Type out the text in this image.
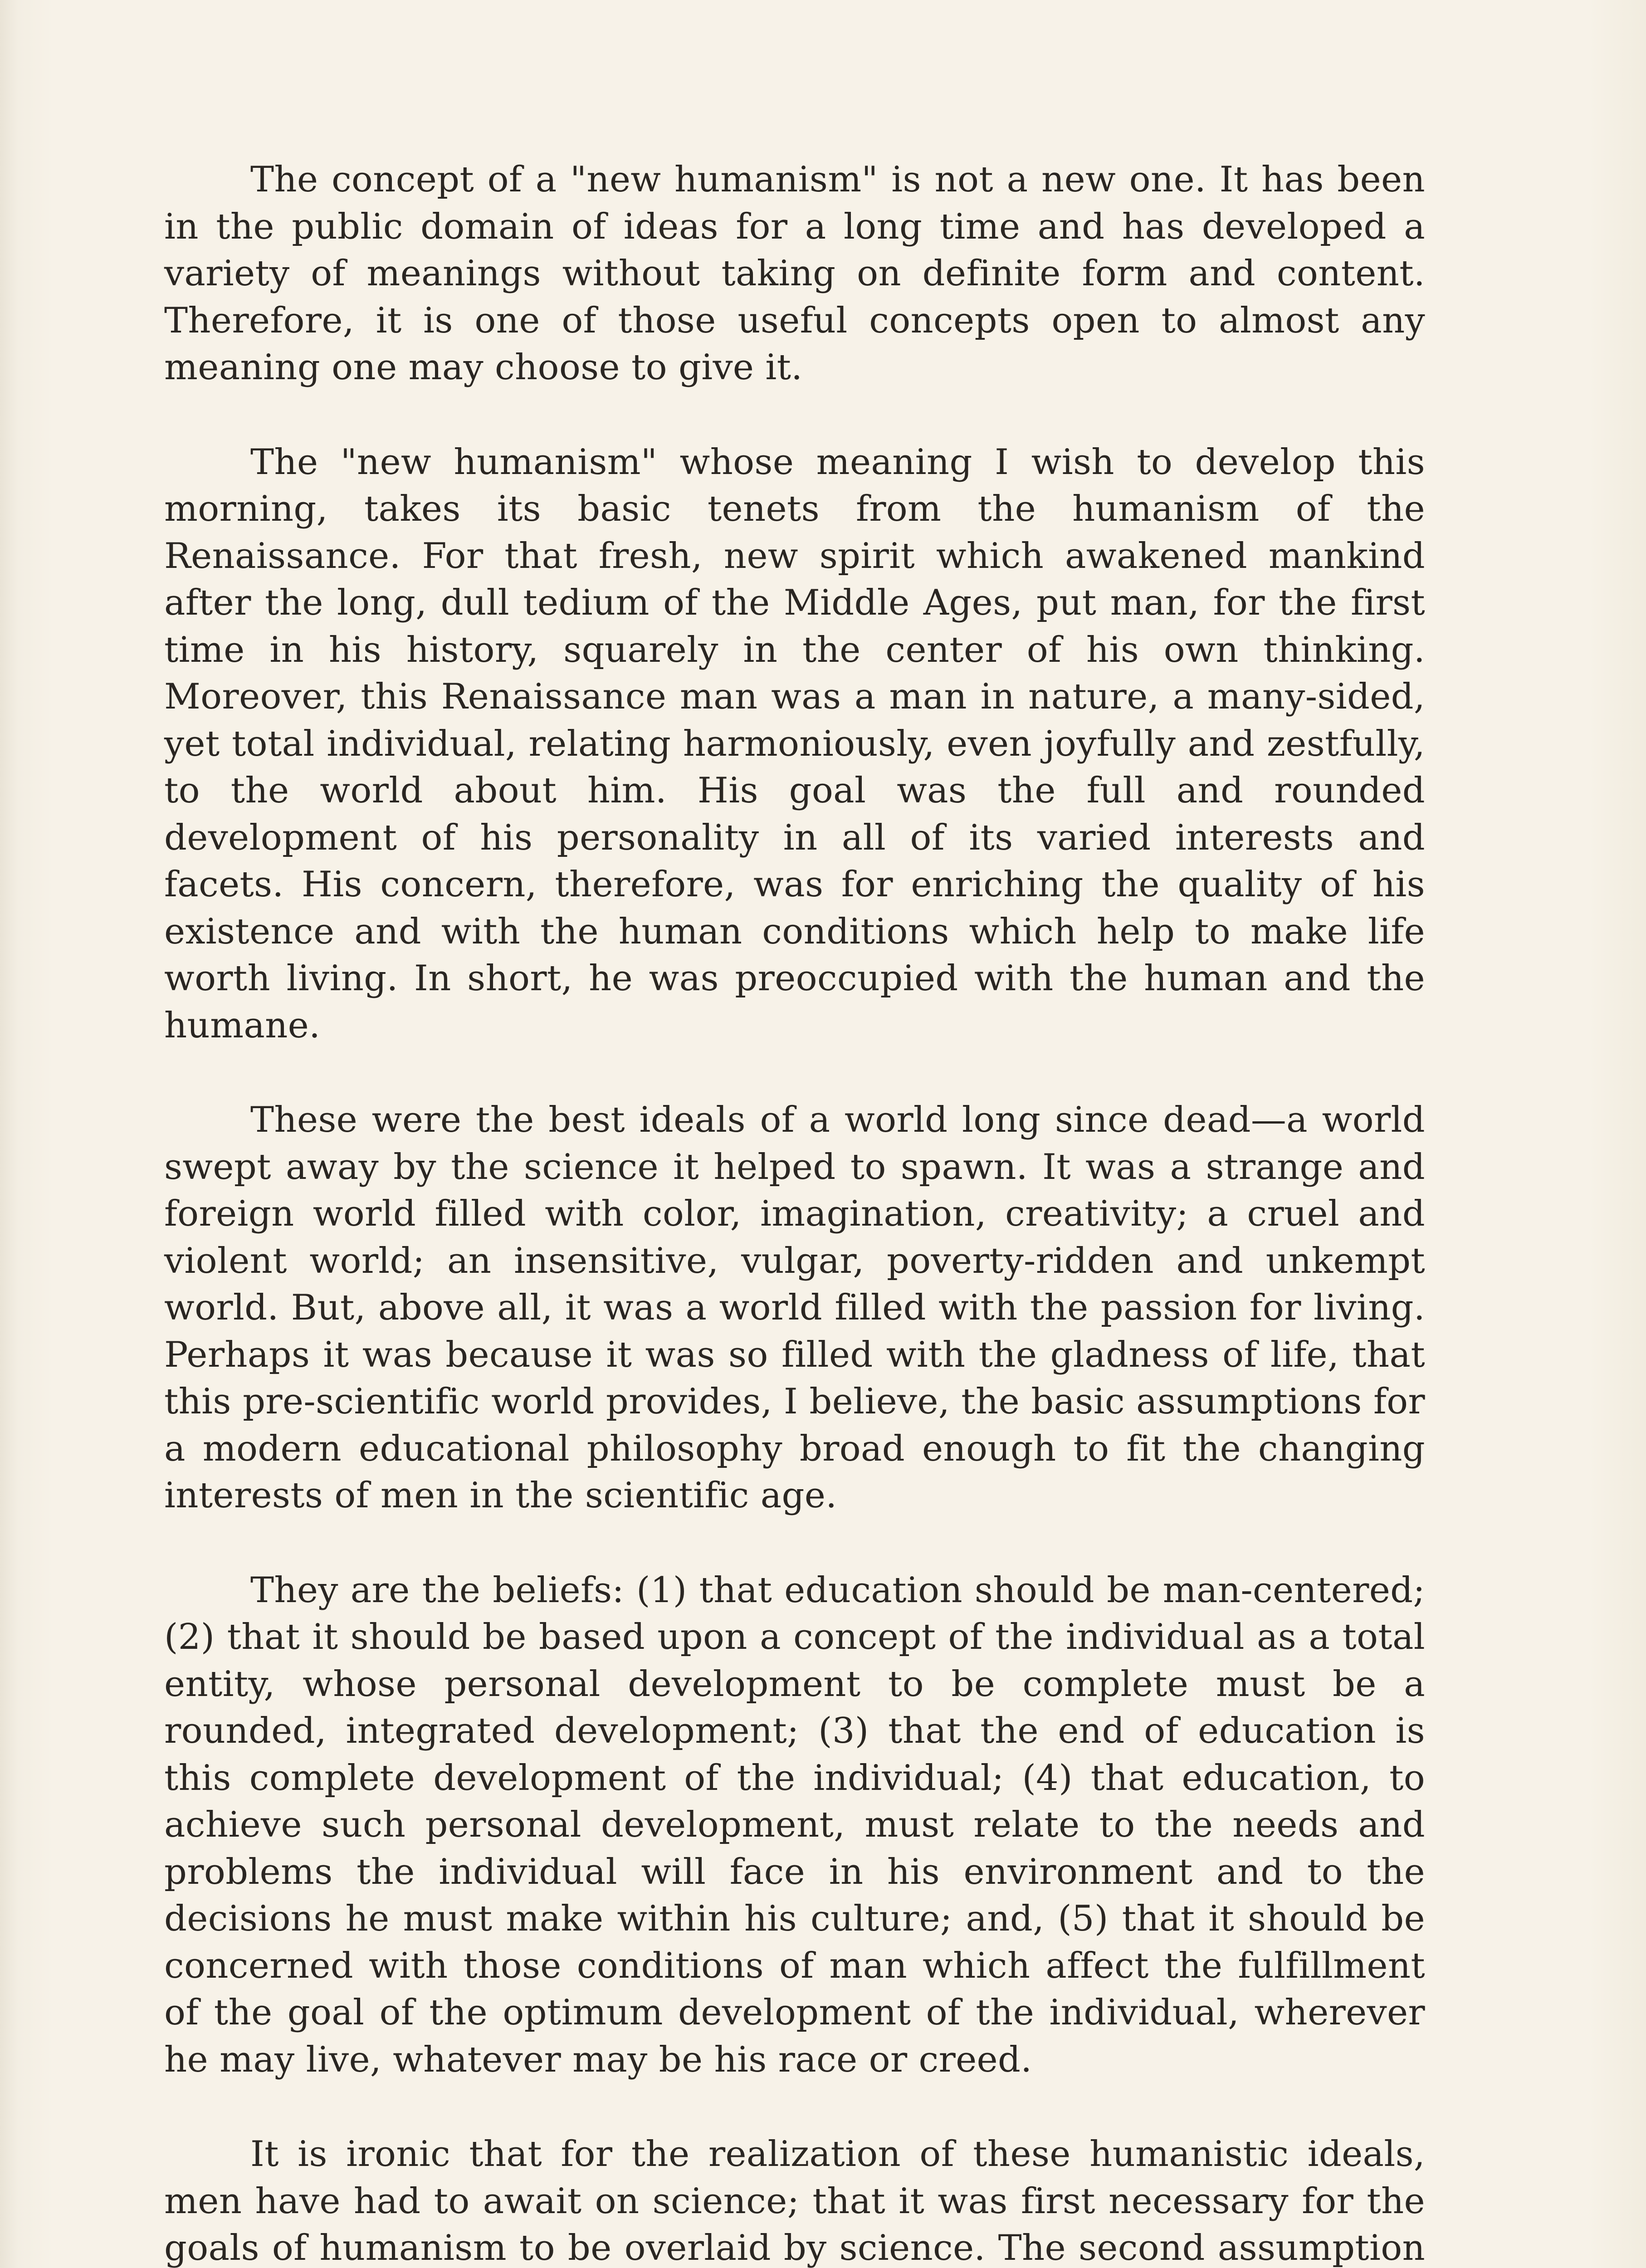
The concept of a "new humanism" is not a new one. It has been in the public domain of ideas for a long time and has developed a variety of meanings without taking on definite form and content. Therefore, it is one of those useful concepts open to almost any meaning one may choose to give it.

The "new humanism" whose meaning I wish to develop this morning, takes its basic tenets from the humanism of the Renaissance. For that fresh, new spirit which awakened mankind after the long, dull tedium of the Middle Ages, put man, for the first time in his history, squarely in the center of his own thinking. Moreover, this Renaissance man was a man in nature, a many-sided, yet total individual, relating harmoniously, even joyfully and zestfully, to the world about him. His goal was the full and rounded development of his personality in all of its varied interests and facets. His concern, therefore, was for enriching the quality of his existence and with the human conditions which help to make life worth living. In short, he was preoccupied with the human and the humane.

These were the best ideals of a world long since dead—a world swept away by the science it helped to spawn. It was a strange and foreign world filled with color, imagination, creativity; a cruel and violent world; an insensitive, vulgar, poverty-ridden and unkempt world. But, above all, it was a world filled with the passion for living. Perhaps it was because it was so filled with the gladness of life, that this pre-scientific world provides, I believe, the basic assumptions for a modern educational philosophy broad enough to fit the changing interests of men in the scientific age.

They are the beliefs: (1) that education should be man-centered; (2) that it should be based upon a concept of the individual as a total entity, whose personal development to be complete must be a rounded, integrated development; (3) that the end of education is this complete development of the individual; (4) that education, to achieve such personal development, must relate to the needs and problems the individual will face in his environment and to the decisions he must make within his culture; and, (5) that it should be concerned with those conditions of man which affect the fulfillment of the goal of the optimum development of the individual, wherever he may live, whatever may be his race or creed.

It is ironic that for the realization of these humanistic ideals, men have had to await on science; that it was first necessary for the goals of humanism to be overlaid by science. The second assumption
